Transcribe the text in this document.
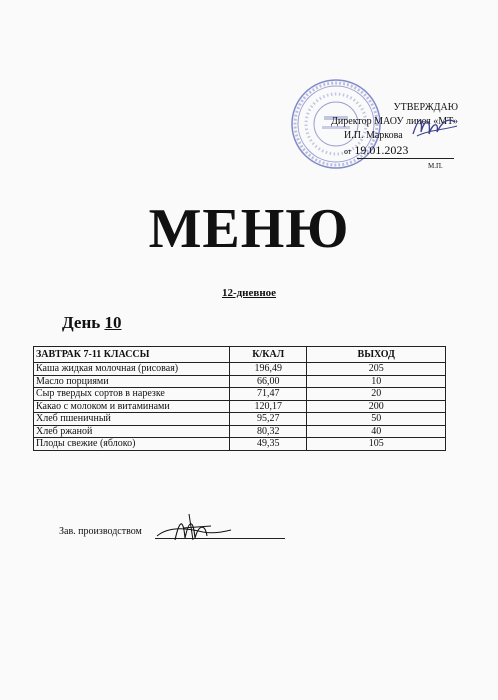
УТВЕРЖДАЮ
Директор МАОУ лицея «МТ»
И.П. Маркова
от 19.01.2023
М.П.
МЕНЮ
12-дневное
День 10
ЗАВТРАК 7-11 КЛАССЫ	К/КАЛ	ВЫХОД
Каша жидкая молочная (рисовая)	196,49	205
Масло порциями	66,00	10
Сыр твердых сортов в нарезке	71,47	20
Какао с молоком и витаминами	120,17	200
Хлеб пшеничный	95,27	50
Хлеб ржаной	80,32	40
Плоды свежие (яблоко)	49,35	105
Зав. производством
